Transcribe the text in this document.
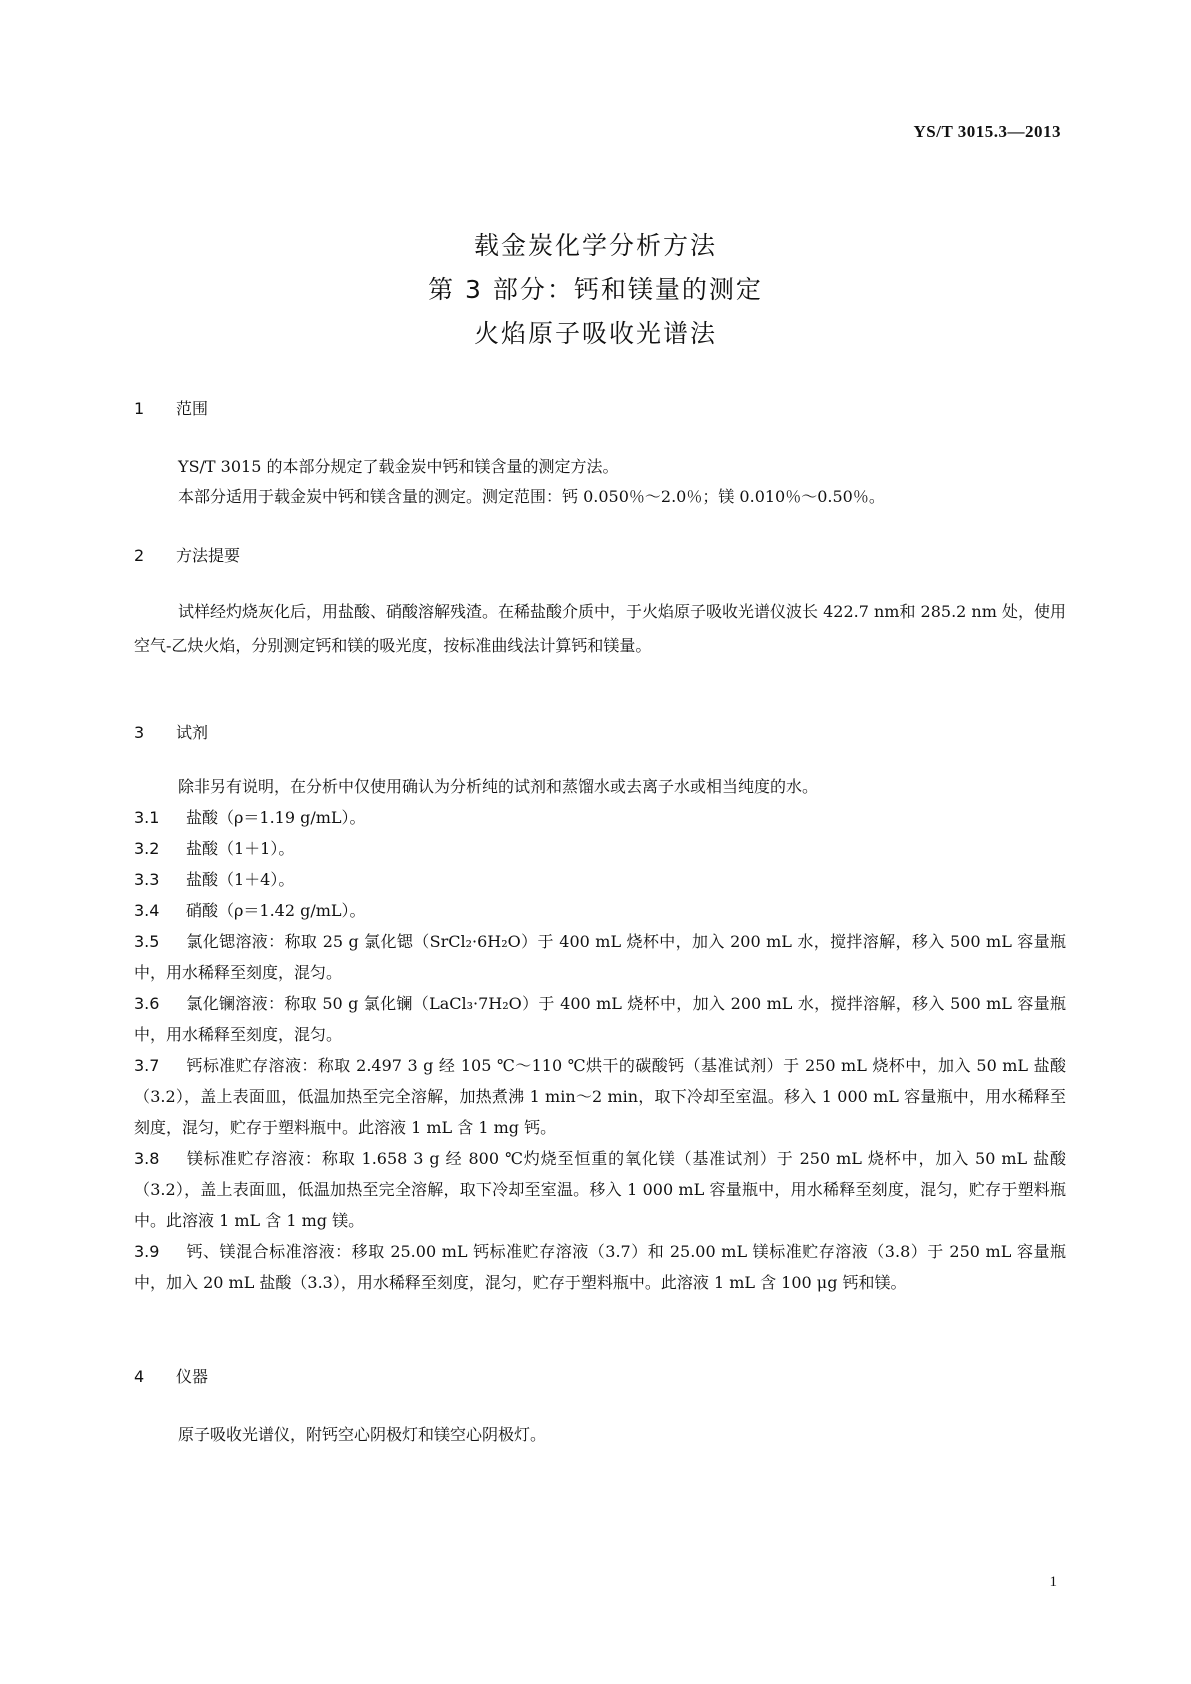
YS/T 3015.3—2013
载金炭化学分析方法
第 3 部分：钙和镁量的测定
火焰原子吸收光谱法
1 范围
YS/T 3015 的本部分规定了载金炭中钙和镁含量的测定方法。
本部分适用于载金炭中钙和镁含量的测定。测定范围：钙 0.050％～2.0％；镁 0.010％～0.50％。
2 方法提要
试样经灼烧灰化后，用盐酸、硝酸溶解残渣。在稀盐酸介质中，于火焰原子吸收光谱仪波长 422.7 nm和 285.2 nm 处，使用空气-乙炔火焰，分别测定钙和镁的吸光度，按标准曲线法计算钙和镁量。
3 试剂
除非另有说明，在分析中仅使用确认为分析纯的试剂和蒸馏水或去离子水或相当纯度的水。
3.1 盐酸（ρ＝1.19 g/mL）。
3.2 盐酸（1＋1）。
3.3 盐酸（1＋4）。
3.4 硝酸（ρ＝1.42 g/mL）。
3.5 氯化锶溶液：称取 25 g 氯化锶（SrCl₂·6H₂O）于 400 mL 烧杯中，加入 200 mL 水，搅拌溶解，移入 500 mL 容量瓶中，用水稀释至刻度，混匀。
3.6 氯化镧溶液：称取 50 g 氯化镧（LaCl₃·7H₂O）于 400 mL 烧杯中，加入 200 mL 水，搅拌溶解，移入 500 mL 容量瓶中，用水稀释至刻度，混匀。
3.7 钙标准贮存溶液：称取 2.497 3 g 经 105 ℃～110 ℃烘干的碳酸钙（基准试剂）于 250 mL 烧杯中，加入 50 mL 盐酸（3.2），盖上表面皿，低温加热至完全溶解，加热煮沸 1 min～2 min，取下冷却至室温。移入 1 000 mL 容量瓶中，用水稀释至刻度，混匀，贮存于塑料瓶中。此溶液 1 mL 含 1 mg 钙。
3.8 镁标准贮存溶液：称取 1.658 3 g 经 800 ℃灼烧至恒重的氧化镁（基准试剂）于 250 mL 烧杯中，加入 50 mL 盐酸（3.2），盖上表面皿，低温加热至完全溶解，取下冷却至室温。移入 1 000 mL 容量瓶中，用水稀释至刻度，混匀，贮存于塑料瓶中。此溶液 1 mL 含 1 mg 镁。
3.9 钙、镁混合标准溶液：移取 25.00 mL 钙标准贮存溶液（3.7）和 25.00 mL 镁标准贮存溶液（3.8）于 250 mL 容量瓶中，加入 20 mL 盐酸（3.3），用水稀释至刻度，混匀，贮存于塑料瓶中。此溶液 1 mL 含 100 μg 钙和镁。
4 仪器
原子吸收光谱仪，附钙空心阴极灯和镁空心阴极灯。
1
